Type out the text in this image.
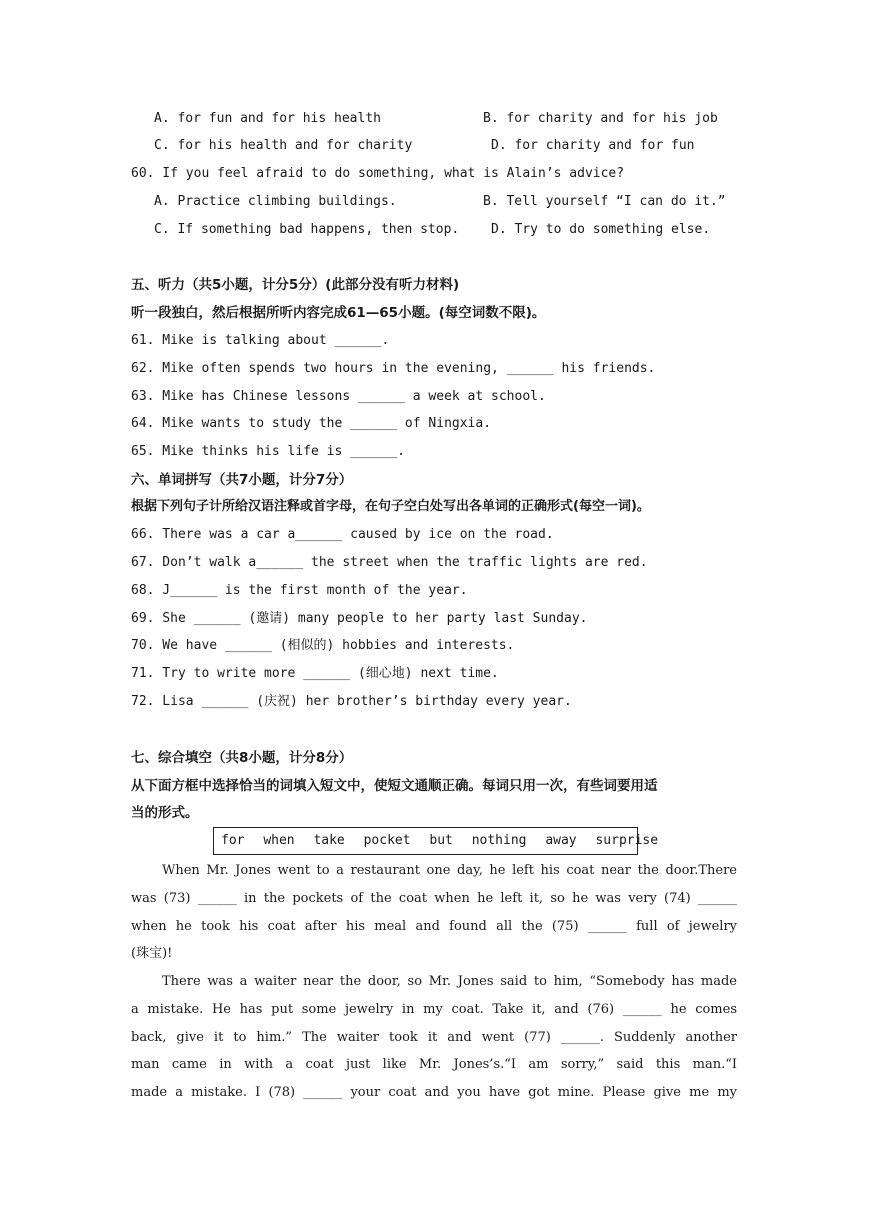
A. for fun and for his health	B. for charity and for his job
C. for his health and for charity	D. for charity and for fun
60. If you feel afraid to do something, what is Alain’s advice?
A. Practice climbing buildings.	B. Tell yourself “I can do it.”
C. If something bad happens, then stop. D. Try to do something else.
五、听力（共5小题，计分5分）(此部分没有听力材料)
听一段独白，然后根据所听内容完成61—65小题。(每空词数不限)。
61. Mike is talking about ______.
62. Mike often spends two hours in the evening, ______ his friends.
63. Mike has Chinese lessons ______ a week at school.
64. Mike wants to study the ______ of Ningxia.
65. Mike thinks his life is ______.
六、单词拼写（共7小题，计分7分）
根据下列句子计所给汉语注释或首字母，在句子空白处写出各单词的正确形式(每空一词)。
66. There was a car a______ caused by ice on the road.
67. Don’t walk a______ the street when the traffic lights are red.
68. J______ is the first month of the year.
69. She ______ (邀请) many people to her party last Sunday.
70. We have ______ (相似的) hobbies and interests.
71. Try to write more ______ (细心地) next time.
72. Lisa ______ (庆祝) her brother’s birthday every year.
七、综合填空（共8小题，计分8分）
从下面方框中选择恰当的词填入短文中，使短文通顺正确。每词只用一次，有些词要用适
当的形式。
for when take pocket but nothing away surprise
When Mr. Jones went to a restaurant one day, he left his coat near the door.There
was (73) ______ in the pockets of the coat when he left it, so he was very (74) ______
when he took his coat after his meal and found all the (75) ______ full of jewelry
(珠宝)!
There was a waiter near the door, so Mr. Jones said to him, “Somebody has made
a mistake. He has put some jewelry in my coat. Take it, and (76) ______ he comes
back, give it to him.” The waiter took it and went (77) ______. Suddenly another
man came in with a coat just like Mr. Jones’s.“I am sorry,” said this man.“I
made a mistake. I (78) ______ your coat and you have got mine. Please give me my
